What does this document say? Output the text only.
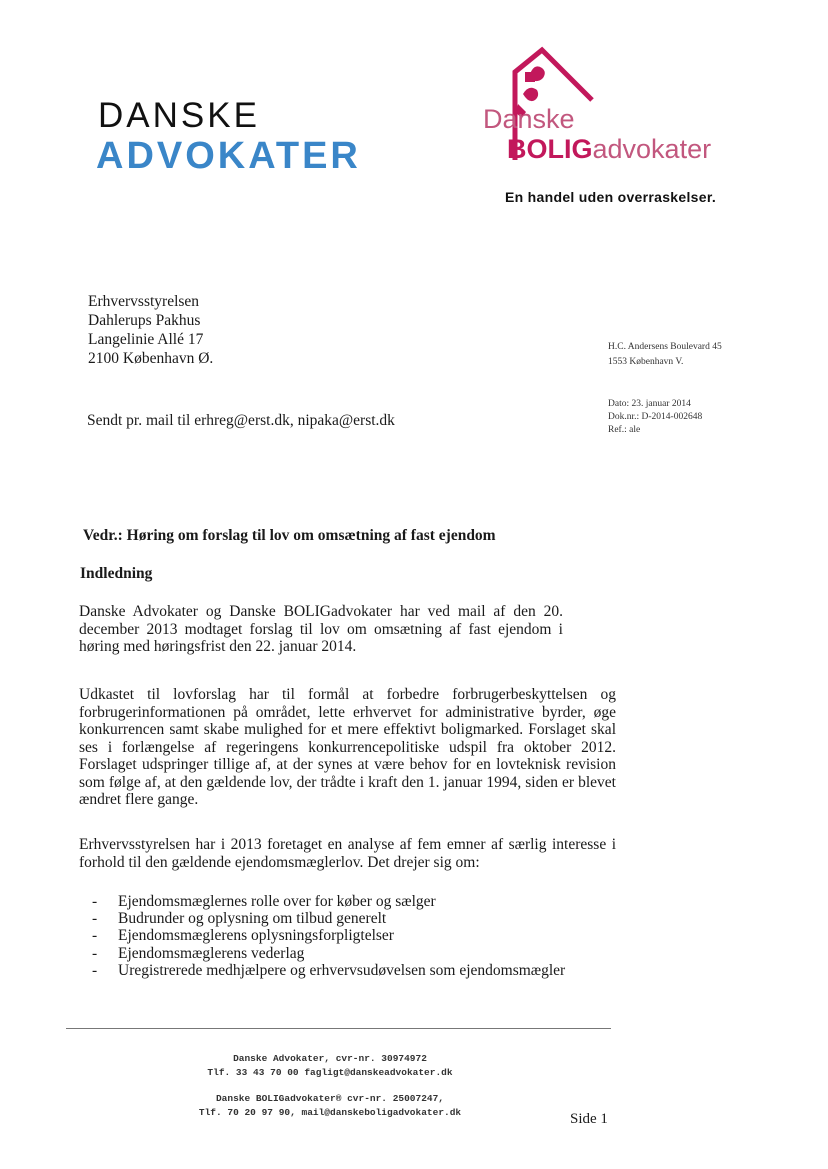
DANSKE
ADVOKATER
Danske
BOLIGadvokater
En handel uden overraskelser.
Erhvervsstyrelsen
Dahlerups Pakhus
Langelinie Allé 17
2100 København Ø.
H.C. Andersens Boulevard 45
1553 København V.
Dato: 23. januar 2014
Dok.nr.: D-2014-002648
Ref.: ale
Sendt pr. mail til erhreg@erst.dk, nipaka@erst.dk
Vedr.: Høring om forslag til lov om omsætning af fast ejendom
Indledning
Danske Advokater og Danske BOLIGadvokater har ved mail af den 20. december 2013 modtaget forslag til lov om omsætning af fast ejendom i høring med høringsfrist den 22. januar 2014.
Udkastet til lovforslag har til formål at forbedre forbrugerbeskyttelsen og forbrugerinformationen på området, lette erhvervet for administrative byrder, øge konkurrencen samt skabe mulighed for et mere effektivt boligmarked. Forslaget skal ses i forlængelse af regeringens konkurrencepolitiske udspil fra oktober 2012. Forslaget udspringer tillige af, at der synes at være behov for en lovteknisk revision som følge af, at den gældende lov, der trådte i kraft den 1. januar 1994, siden er blevet ændret flere gange.
Erhvervsstyrelsen har i 2013 foretaget en analyse af fem emner af særlig interesse i forhold til den gældende ejendomsmæglerlov. Det drejer sig om:
- Ejendomsmæglernes rolle over for køber og sælger
- Budrunder og oplysning om tilbud generelt
- Ejendomsmæglerens oplysningsforpligtelser
- Ejendomsmæglerens vederlag
- Uregistrerede medhjælpere og erhvervsudøvelsen som ejendomsmægler
Danske Advokater, cvr-nr. 30974972
Tlf. 33 43 70 00 fagligt@danskeadvokater.dk
Danske BOLIGadvokater® cvr-nr. 25007247,
Tlf. 70 20 97 90, mail@danskeboligadvokater.dk	Side 1
